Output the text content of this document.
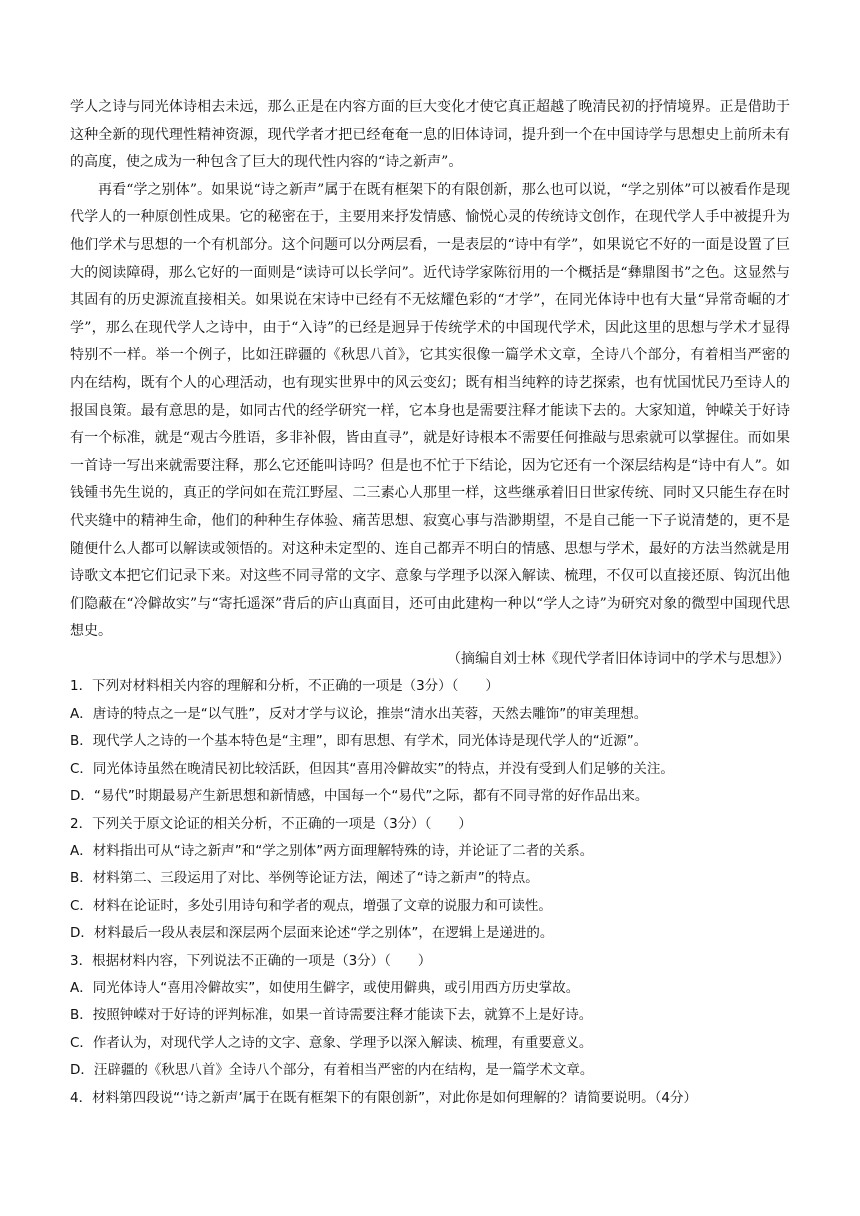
学人之诗与同光体诗相去未远，那么正是在内容方面的巨大变化才使它真正超越了晚清民初的抒情境界。正是借助于这种全新的现代理性精神资源，现代学者才把已经奄奄一息的旧体诗词，提升到一个在中国诗学与思想史上前所未有的高度，使之成为一种包含了巨大的现代性内容的“诗之新声”。

再看“学之别体”。如果说“诗之新声”属于在既有框架下的有限创新，那么也可以说，“学之别体”可以被看作是现代学人的一种原创性成果。它的秘密在于，主要用来抒发情感、愉悦心灵的传统诗文创作，在现代学人手中被提升为他们学术与思想的一个有机部分。这个问题可以分两层看，一是表层的“诗中有学”，如果说它不好的一面是设置了巨大的阅读障碍，那么它好的一面则是“读诗可以长学问”。近代诗学家陈衍用的一个概括是“彝鼎图书”之色。这显然与其固有的历史源流直接相关。如果说在宋诗中已经有不无炫耀色彩的“才学”，在同光体诗中也有大量“异常奇崛的才学”，那么在现代学人之诗中，由于“入诗”的已经是迥异于传统学术的中国现代学术，因此这里的思想与学术才显得特别不一样。举一个例子，比如汪辟疆的《秋思八首》，它其实很像一篇学术文章，全诗八个部分，有着相当严密的内在结构，既有个人的心理活动，也有现实世界中的风云变幻；既有相当纯粹的诗艺探索，也有忧国忧民乃至诗人的报国良策。最有意思的是，如同古代的经学研究一样，它本身也是需要注释才能读下去的。大家知道，钟嵘关于好诗有一个标准，就是“观古今胜语，多非补假，皆由直寻”，就是好诗根本不需要任何推敲与思索就可以掌握住。而如果一首诗一写出来就需要注释，那么它还能叫诗吗？但是也不忙于下结论，因为它还有一个深层结构是“诗中有人”。如钱锺书先生说的，真正的学问如在荒江野屋、二三素心人那里一样，这些继承着旧日世家传统、同时又只能生存在时代夹缝中的精神生命，他们的种种生存体验、痛苦思想、寂寞心事与浩渺期望，不是自己能一下子说清楚的，更不是随便什么人都可以解读或领悟的。对这种未定型的、连自己都弄不明白的情感、思想与学术，最好的方法当然就是用诗歌文本把它们记录下来。对这些不同寻常的文字、意象与学理予以深入解读、梳理，不仅可以直接还原、钩沉出他们隐蔽在“冷僻故实”与“寄托遥深”背后的庐山真面目，还可由此建构一种以“学人之诗”为研究对象的微型中国现代思想史。

（摘编自刘士林《现代学者旧体诗词中的学术与思想》）

1．下列对材料相关内容的理解和分析，不正确的一项是（3分）（　　）

A．唐诗的特点之一是“以气胜”，反对才学与议论，推崇“清水出芙蓉，天然去雕饰”的审美理想。

B．现代学人之诗的一个基本特色是“主理”，即有思想、有学术，同光体诗是现代学人的“近源”。

C．同光体诗虽然在晚清民初比较活跃，但因其“喜用冷僻故实”的特点，并没有受到人们足够的关注。

D．“易代”时期最易产生新思想和新情感，中国每一个“易代”之际，都有不同寻常的好作品出来。

2．下列关于原文论证的相关分析，不正确的一项是（3分）（　　）

A．材料指出可从“诗之新声”和“学之别体”两方面理解特殊的诗，并论证了二者的关系。

B．材料第二、三段运用了对比、举例等论证方法，阐述了“诗之新声”的特点。

C．材料在论证时，多处引用诗句和学者的观点，增强了文章的说服力和可读性。

D．材料最后一段从表层和深层两个层面来论述“学之别体”，在逻辑上是递进的。

3．根据材料内容，下列说法不正确的一项是（3分）（　　）

A．同光体诗人“喜用冷僻故实”，如使用生僻字，或使用僻典，或引用西方历史掌故。

B．按照钟嵘对于好诗的评判标准，如果一首诗需要注释才能读下去，就算不上是好诗。

C．作者认为，对现代学人之诗的文字、意象、学理予以深入解读、梳理，有重要意义。

D．汪辟疆的《秋思八首》全诗八个部分，有着相当严密的内在结构，是一篇学术文章。

4．材料第四段说“‘诗之新声’属于在既有框架下的有限创新”，对此你是如何理解的？请简要说明。（4分）
